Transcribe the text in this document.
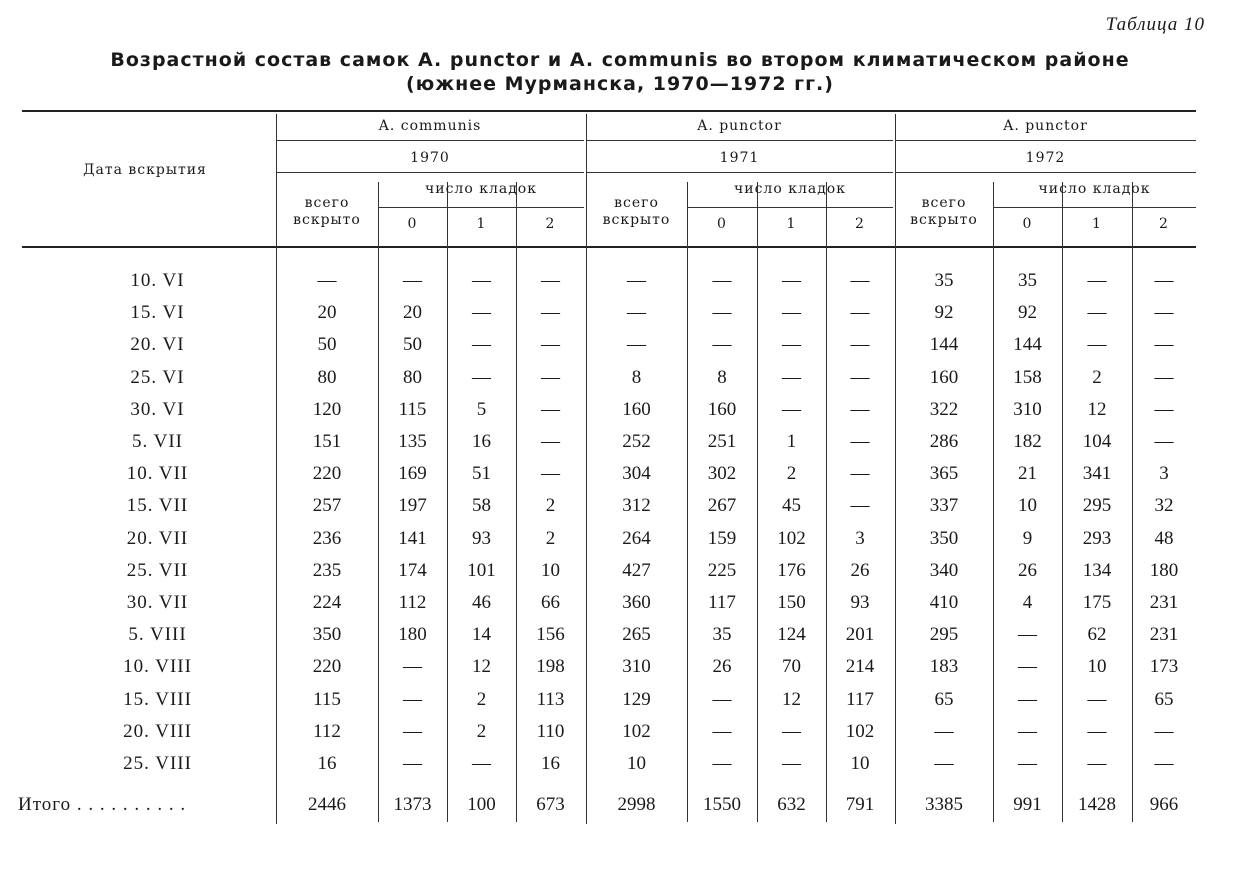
Таблица 10
Возрастной состав самок A. punctor и A. communis во втором климатическом районе
(южнее Мурманска, 1970—1972 гг.)
Дата вскрытия
A. communis
1970
всего вскрыто
число кладок
0	1	2
A. punctor
1971
всего вскрыто
число кладок
0	1	2
A. punctor
1972
всего вскрыто
число кладок
0	1	2
10. VI	—	—	—	—	—	—	—	—	35	35	—	—
15. VI	20	20	—	—	—	—	—	—	92	92	—	—
20. VI	50	50	—	—	—	—	—	—	144	144	—	—
25. VI	80	80	—	—	8	8	—	—	160	158	2	—
30. VI	120	115	5	—	160	160	—	—	322	310	12	—
5. VII	151	135	16	—	252	251	1	—	286	182	104	—
10. VII	220	169	51	—	304	302	2	—	365	21	341	3
15. VII	257	197	58	2	312	267	45	—	337	10	295	32
20. VII	236	141	93	2	264	159	102	3	350	9	293	48
25. VII	235	174	101	10	427	225	176	26	340	26	134	180
30. VII	224	112	46	66	360	117	150	93	410	4	175	231
5. VIII	350	180	14	156	265	35	124	201	295	—	62	231
10. VIII	220	—	12	198	310	26	70	214	183	—	10	173
15. VIII	115	—	2	113	129	—	12	117	65	—	—	65
20. VIII	112	—	2	110	102	—	—	102	—	—	—	—
25. VIII	16	—	—	16	10	—	—	10	—	—	—	—
Итого . . . . . . . . . .	2446	1373	100	673	2998	1550	632	791	3385	991	1428	966
